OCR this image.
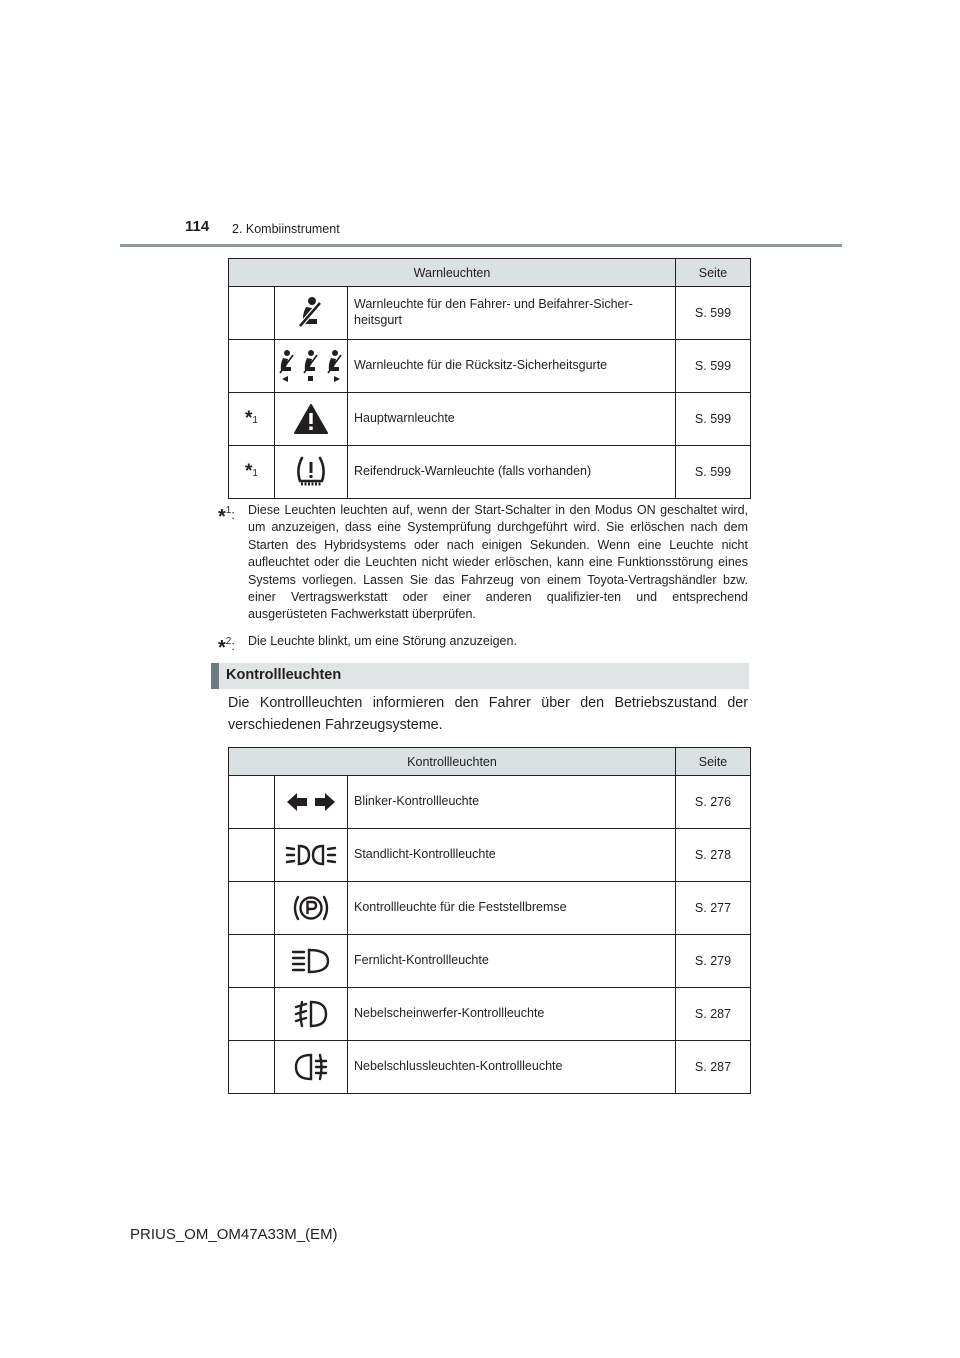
114 2. Kombiinstrument
Warnleuchten			Seite
		Warnleuchte für den Fahrer- und Beifahrer-Sicher-heitsgurt	S. 599
		Warnleuchte für die Rücksitz-Sicherheitsgurte	S. 599
*1		Hauptwarnleuchte	S. 599
*1		Reifendruck-Warnleuchte (falls vorhanden)	S. 599
*$^1$:	Diese Leuchten leuchten auf, wenn der Start-Schalter in den Modus ON geschaltet wird, um anzuzeigen, dass eine Systemprüfung durchgeführt wird. Sie erlöschen nach dem Starten des Hybridsystems oder nach einigen Sekunden. Wenn eine Leuchte nicht aufleuchtet oder die Leuchten nicht wieder erlöschen, kann eine Funktionsstörung eines Systems vorliegen. Lassen Sie das Fahrzeug von einem Toyota-Vertragshändler bzw. einer Vertragswerkstatt oder einer anderen qualifizier-ten und entsprechend ausgerüsteten Fachwerkstatt überprüfen.
*$^2$:	Die Leuchte blinkt, um eine Störung anzuzeigen.
Kontrollleuchten
Die Kontrollleuchten informieren den Fahrer über den Betriebszustand der verschiedenen Fahrzeugsysteme.
Kontrollleuchten			Seite
		Blinker-Kontrollleuchte	S. 276
		Standlicht-Kontrollleuchte	S. 278
		Kontrollleuchte für die Feststellbremse	S. 277
		Fernlicht-Kontrollleuchte	S. 279
		Nebelscheinwerfer-Kontrollleuchte	S. 287
		Nebelschlussleuchten-Kontrollleuchte	S. 287
PRIUS_OM_OM47A33M_(EM)
